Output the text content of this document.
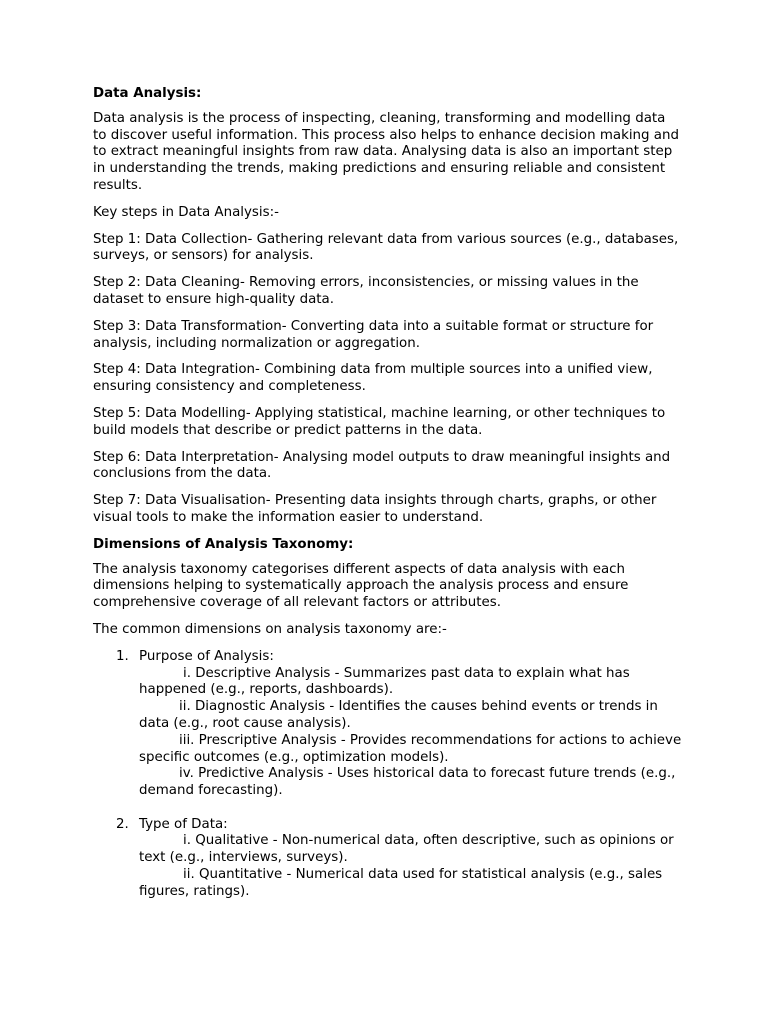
Data Analysis:

Data analysis is the process of inspecting, cleaning, transforming and modelling data to discover useful information. This process also helps to enhance decision making and to extract meaningful insights from raw data. Analysing data is also an important step in understanding the trends, making predictions and ensuring reliable and consistent results.

Key steps in Data Analysis:-

Step 1: Data Collection- Gathering relevant data from various sources (e.g., databases, surveys, or sensors) for analysis.

Step 2: Data Cleaning- Removing errors, inconsistencies, or missing values in the dataset to ensure high-quality data.

Step 3: Data Transformation- Converting data into a suitable format or structure for analysis, including normalization or aggregation.

Step 4: Data Integration- Combining data from multiple sources into a unified view, ensuring consistency and completeness.

Step 5: Data Modelling- Applying statistical, machine learning, or other techniques to build models that describe or predict patterns in the data.

Step 6: Data Interpretation- Analysing model outputs to draw meaningful insights and conclusions from the data.

Step 7: Data Visualisation- Presenting data insights through charts, graphs, or other visual tools to make the information easier to understand.

Dimensions of Analysis Taxonomy:

The analysis taxonomy categorises different aspects of data analysis with each dimensions helping to systematically approach the analysis process and ensure comprehensive coverage of all relevant factors or attributes.

The common dimensions on analysis taxonomy are:-

1. Purpose of Analysis:
i. Descriptive Analysis - Summarizes past data to explain what has happened (e.g., reports, dashboards).
ii. Diagnostic Analysis - Identifies the causes behind events or trends in data (e.g., root cause analysis).
iii. Prescriptive Analysis - Provides recommendations for actions to achieve specific outcomes (e.g., optimization models).
iv. Predictive Analysis - Uses historical data to forecast future trends (e.g., demand forecasting).
2. Type of Data:
i. Qualitative - Non-numerical data, often descriptive, such as opinions or text (e.g., interviews, surveys).
ii. Quantitative - Numerical data used for statistical analysis (e.g., sales figures, ratings).
